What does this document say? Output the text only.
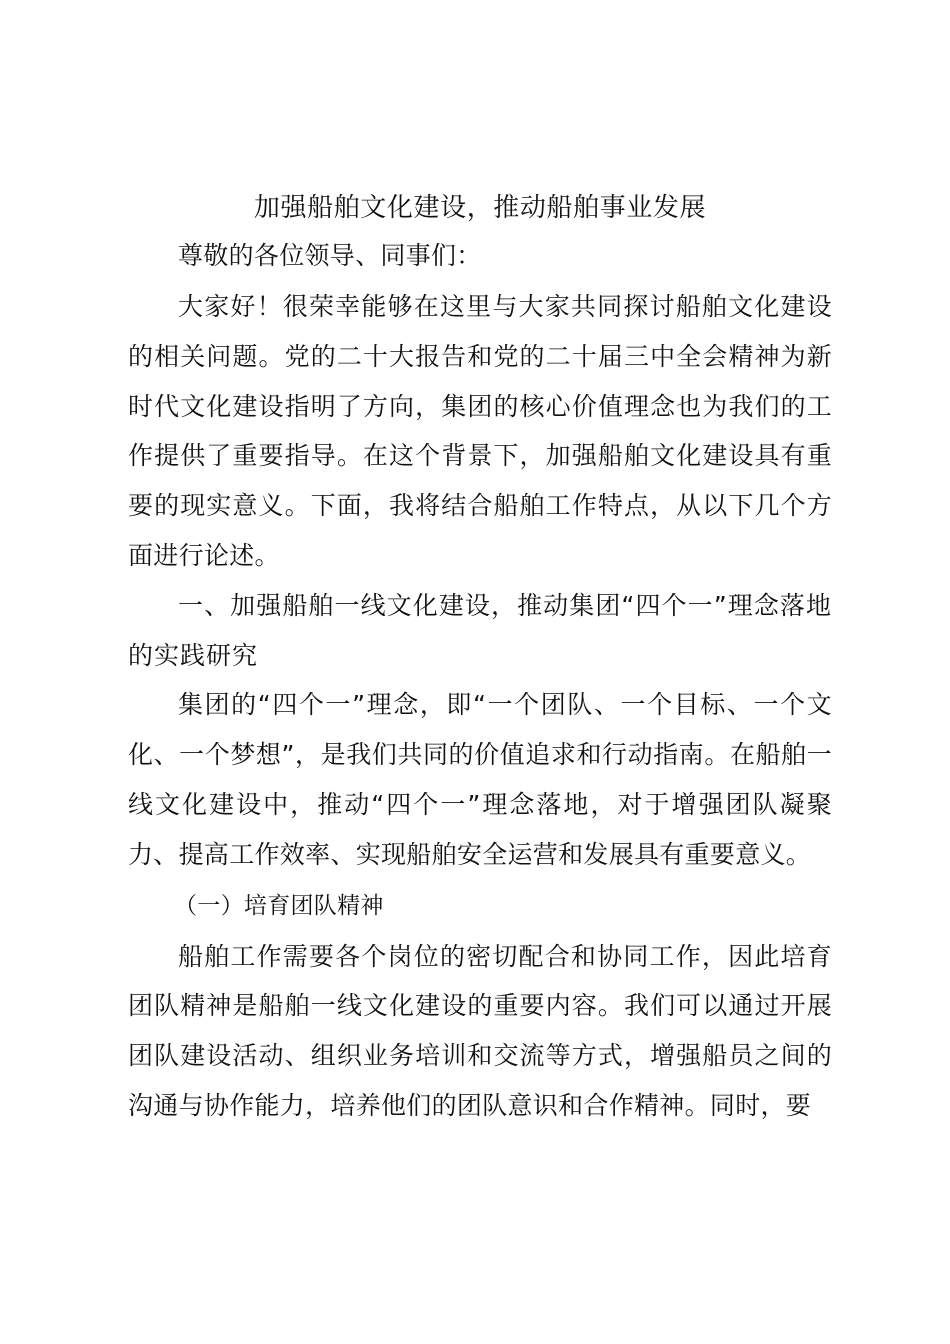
加强船舶文化建设，推动船舶事业发展

尊敬的各位领导、同事们：

大家好！很荣幸能够在这里与大家共同探讨船舶文化建设的相关问题。党的二十大报告和党的二十届三中全会精神为新时代文化建设指明了方向，集团的核心价值理念也为我们的工作提供了重要指导。在这个背景下，加强船舶文化建设具有重要的现实意义。下面，我将结合船舶工作特点，从以下几个方面进行论述。

一、加强船舶一线文化建设，推动集团“四个一”理念落地的实践研究

集团的“四个一”理念，即“一个团队、一个目标、一个文化、一个梦想”，是我们共同的价值追求和行动指南。在船舶一线文化建设中，推动“四个一”理念落地，对于增强团队凝聚力、提高工作效率、实现船舶安全运营和发展具有重要意义。

（一）培育团队精神

船舶工作需要各个岗位的密切配合和协同工作，因此培育团队精神是船舶一线文化建设的重要内容。我们可以通过开展团队建设活动、组织业务培训和交流等方式，增强船员之间的沟通与协作能力，培养他们的团队意识和合作精神。同时，要
